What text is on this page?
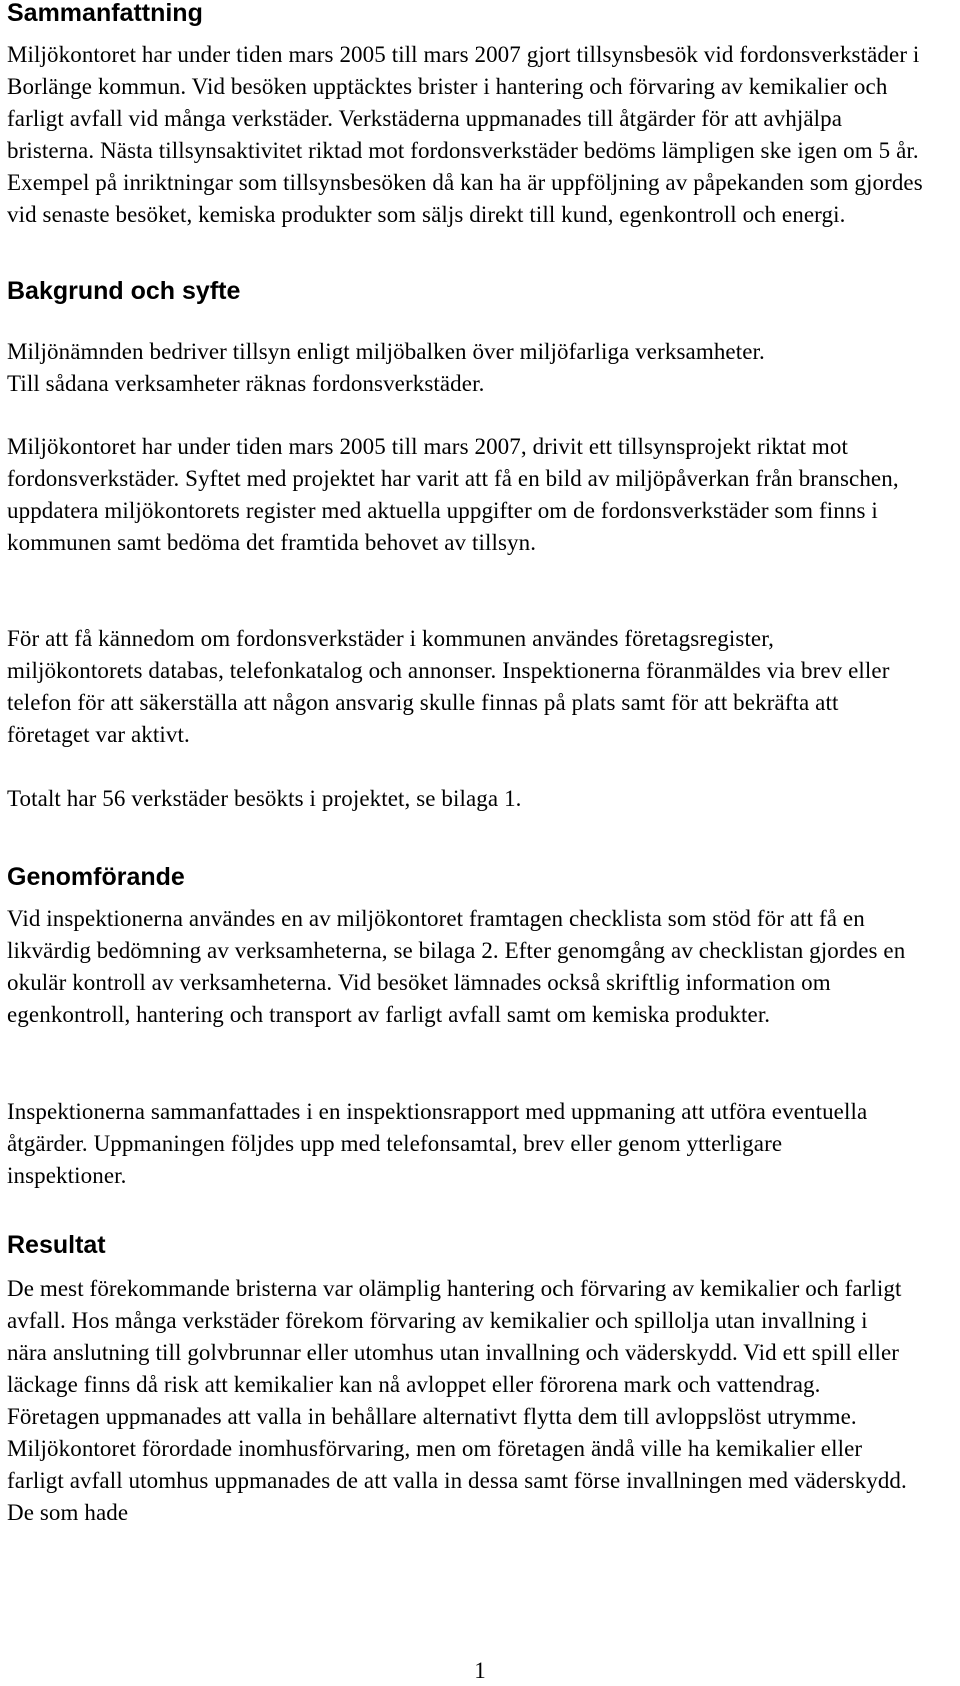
Sammanfattning

Miljökontoret har under tiden mars 2005 till mars 2007 gjort tillsynsbesök vid fordonsverkstäder i Borlänge kommun. Vid besöken upptäcktes brister i hantering och förvaring av kemikalier och farligt avfall vid många verkstäder. Verkstäderna uppmanades till åtgärder för att avhjälpa bristerna. Nästa tillsynsaktivitet riktad mot fordonsverkstäder bedöms lämpligen ske igen om 5 år. Exempel på inriktningar som tillsynsbesöken då kan ha är uppföljning av påpekanden som gjordes vid senaste besöket, kemiska produkter som säljs direkt till kund, egenkontroll och energi.

Bakgrund och syfte

Miljönämnden bedriver tillsyn enligt miljöbalken över miljöfarliga verksamheter. Till sådana verksamheter räknas fordonsverkstäder.

Miljökontoret har under tiden mars 2005 till mars 2007, drivit ett tillsynsprojekt riktat mot fordonsverkstäder. Syftet med projektet har varit att få en bild av miljöpåverkan från branschen, uppdatera miljökontorets register med aktuella uppgifter om de fordonsverkstäder som finns i kommunen samt bedöma det framtida behovet av tillsyn.

För att få kännedom om fordonsverkstäder i kommunen användes företagsregister, miljökontorets databas, telefonkatalog och annonser. Inspektionerna föranmäldes via brev eller telefon för att säkerställa att någon ansvarig skulle finnas på plats samt för att bekräfta att företaget var aktivt.

Totalt har 56 verkstäder besökts i projektet, se bilaga 1.

Genomförande

Vid inspektionerna användes en av miljökontoret framtagen checklista som stöd för att få en likvärdig bedömning av verksamheterna, se bilaga 2. Efter genomgång av checklistan gjordes en okulär kontroll av verksamheterna. Vid besöket lämnades också skriftlig information om egenkontroll, hantering och transport av farligt avfall samt om kemiska produkter.

Inspektionerna sammanfattades i en inspektionsrapport med uppmaning att utföra eventuella åtgärder. Uppmaningen följdes upp med telefonsamtal, brev eller genom ytterligare inspektioner.

Resultat

De mest förekommande bristerna var olämplig hantering och förvaring av kemikalier och farligt avfall. Hos många verkstäder förekom förvaring av kemikalier och spillolja utan invallning i nära anslutning till golvbrunnar eller utomhus utan invallning och väderskydd. Vid ett spill eller läckage finns då risk att kemikalier kan nå avloppet eller förorena mark och vattendrag. Företagen uppmanades att valla in behållare alternativt flytta dem till avloppslöst utrymme. Miljökontoret förordade inomhusförvaring, men om företagen ändå ville ha kemikalier eller farligt avfall utomhus uppmanades de att valla in dessa samt förse invallningen med väderskydd. De som hade

1
